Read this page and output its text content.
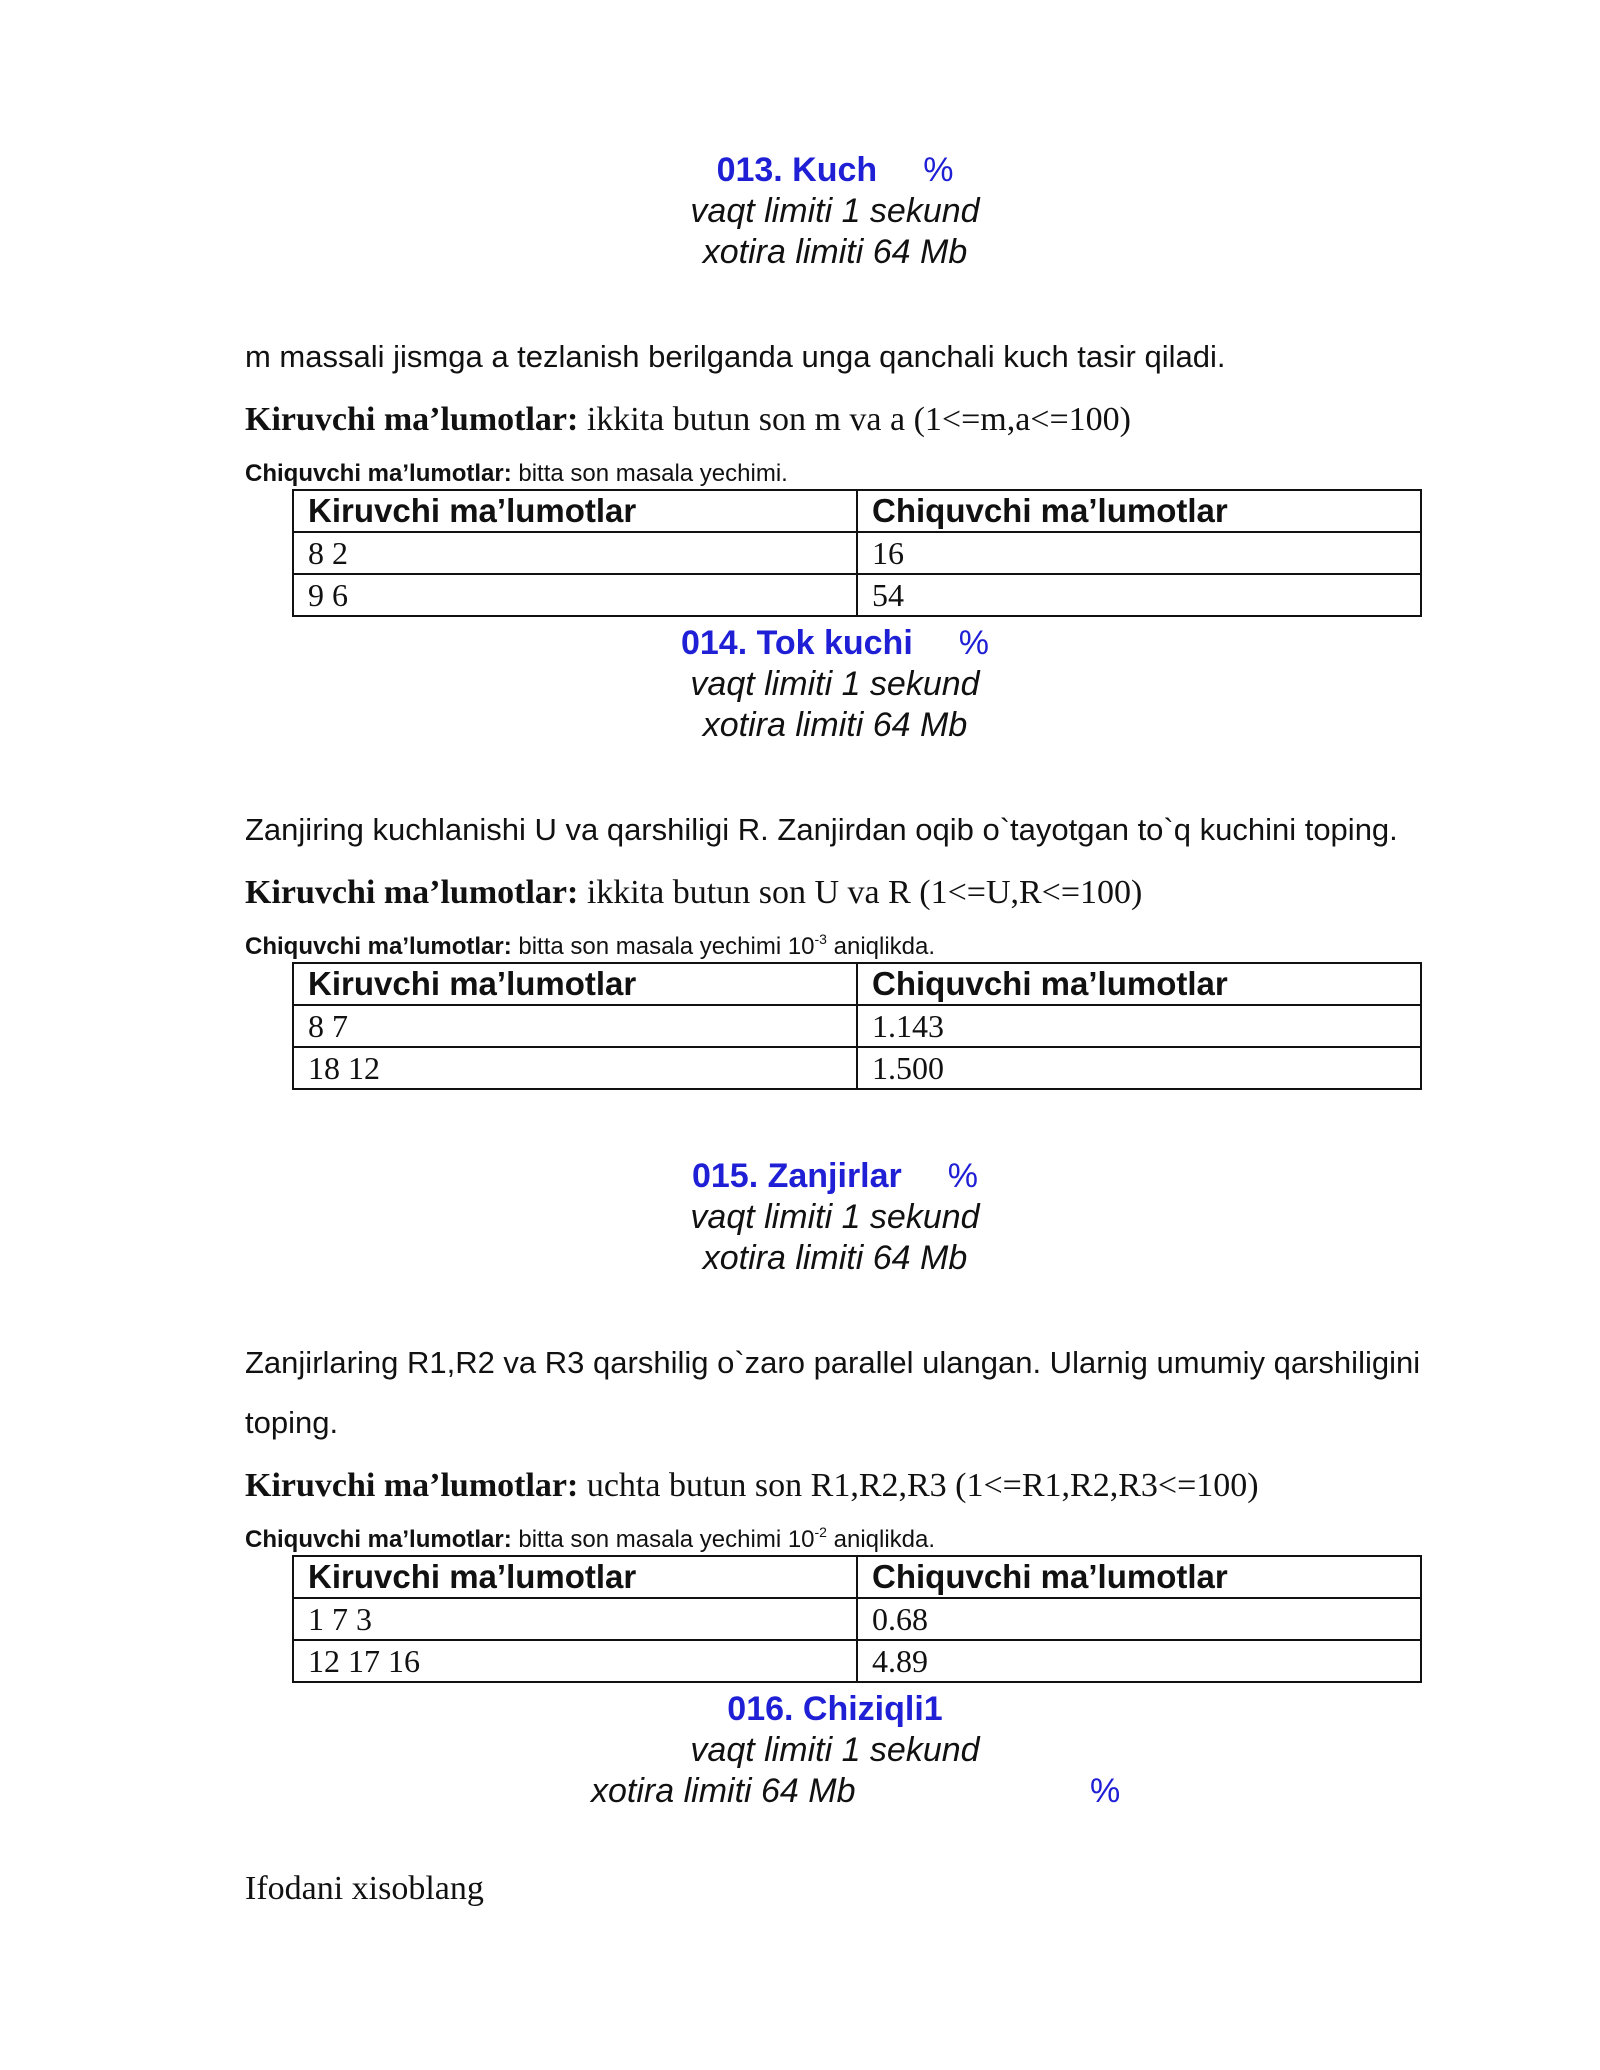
013. Kuch %
vaqt limiti 1 sekund
xotira limiti 64 Mb
m massali jismga a tezlanish berilganda unga qanchali kuch tasir qiladi.
Kiruvchi ma’lumotlar: ikkita butun son m va a (1<=m,a<=100)
Chiquvchi ma’lumotlar: bitta son masala yechimi.
Kiruvchi ma’lumotlar	Chiquvchi ma’lumotlar
8 2	16
9 6	54
014. Tok kuchi %
vaqt limiti 1 sekund
xotira limiti 64 Mb
Zanjiring kuchlanishi U va qarshiligi R. Zanjirdan oqib o`tayotgan to`q kuchini toping.
Kiruvchi ma’lumotlar: ikkita butun son U va R (1<=U,R<=100)
Chiquvchi ma’lumotlar: bitta son masala yechimi $10^{-3}$ aniqlikda.
Kiruvchi ma’lumotlar	Chiquvchi ma’lumotlar
8 7	1.143
18 12	1.500
015. Zanjirlar %
vaqt limiti 1 sekund
xotira limiti 64 Mb
Zanjirlaring R1,R2 va R3 qarshilig o`zaro parallel ulangan. Ularnig umumiy qarshiligini toping.
Kiruvchi ma’lumotlar: uchta butun son R1,R2,R3 (1<=R1,R2,R3<=100)
Chiquvchi ma’lumotlar: bitta son masala yechimi $10^{-2}$ aniqlikda.
Kiruvchi ma’lumotlar	Chiquvchi ma’lumotlar
1 7 3	0.68
12 17 16	4.89
016. Chiziqli1
vaqt limiti 1 sekund
xotira limiti 64 Mb	%
Ifodani xisoblang
